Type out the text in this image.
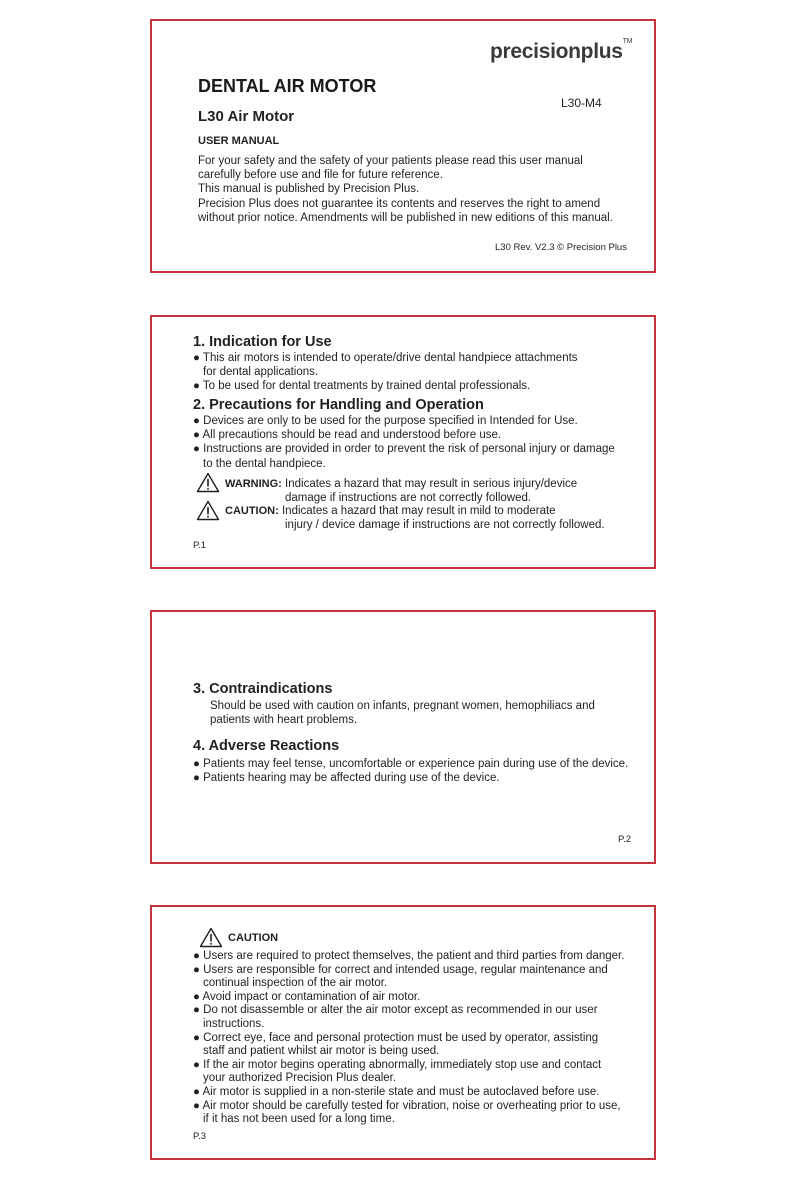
precisionplus™
DENTAL AIR MOTOR
L30-M4
L30 Air Motor
USER MANUAL
For your safety and the safety of your patients please read this user manual
carefully before use and file for future reference.
This manual is published by Precision Plus.
Precision Plus does not guarantee its contents and reserves the right to amend
without prior notice. Amendments will be published in new editions of this manual.
L30 Rev. V2.3 © Precision Plus
1. Indication for Use
● This air motors is intended to operate/drive dental handpiece attachments
for dental applications.
● To be used for dental treatments by trained dental professionals.
2. Precautions for Handling and Operation
● Devices are only to be used for the purpose specified in Intended for Use.
● All precautions should be read and understood before use.
● Instructions are provided in order to prevent the risk of personal injury or damage
to the dental handpiece.
WARNING: Indicates a hazard that may result in serious injury/device
damage if instructions are not correctly followed.
CAUTION: Indicates a hazard that may result in mild to moderate
injury / device damage if instructions are not correctly followed.
P.1
3. Contraindications
Should be used with caution on infants, pregnant women, hemophiliacs and
patients with heart problems.
4. Adverse Reactions
● Patients may feel tense, uncomfortable or experience pain during use of the device.
● Patients hearing may be affected during use of the device.
P.2
CAUTION
● Users are required to protect themselves, the patient and third parties from danger.
● Users are responsible for correct and intended usage, regular maintenance and
continual inspection of the air motor.
● Avoid impact or contamination of air motor.
● Do not disassemble or alter the air motor except as recommended in our user
instructions.
● Correct eye, face and personal protection must be used by operator, assisting
staff and patient whilst air motor is being used.
● If the air motor begins operating abnormally, immediately stop use and contact
your authorized Precision Plus dealer.
● Air motor is supplied in a non-sterile state and must be autoclaved before use.
● Air motor should be carefully tested for vibration, noise or overheating prior to use,
if it has not been used for a long time.
P.3
